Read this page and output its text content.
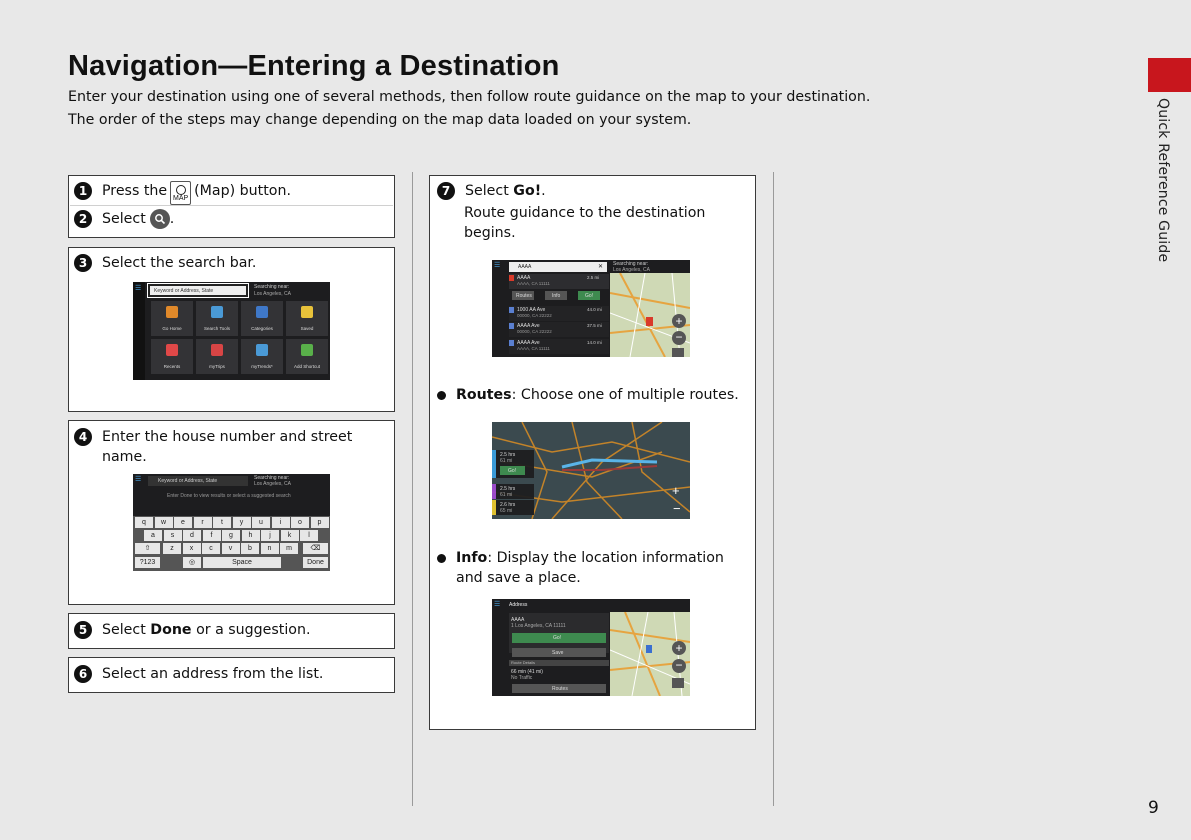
Navigation—Entering a Destination
Enter your destination using one of several methods, then follow route guidance on the map to your destination.
The order of the steps may change depending on the map data loaded on your system.	Quick Reference Guide
1	Press the MAP (Map) button.
2	Select .
3	Select the search bar.
☰	Keyword or Address, State
Searching near:
Los Angeles, CA
Go Home	Search Tools	Categories	Saved
Recents	myTrips	myTrends*	Add Shortcut
4	Enter the house number and street name.
☰	Keyword or Address, State	Searching near:
Los Angeles, CA
Enter Done to view results or select a suggested search
q	w	e	r	t	y	u	i	o	p
a	s	d	f	g	h	j	k	l
⇧	z	x	c	v	b	n	m	⌫
?123	◎	Space	Done
5	Select
Done
or a suggestion.
6	Select an address from the list.
7	Select
Go! .
Route guidance to the destination begins.
☰	AAAA	✕ Searching near:
Los Angeles, CA
+
−
AAAA
AAAA, CA 11111
2.5 mi
1000 AA Ave
00000, CA 22222
44.0 mi
AAAA Ave
00000, CA 22222
37.5 mi
AAAA Ave
AAAA, CA 11111
14.0 mi
Routes	Info	Go!
Routes: Choose one of multiple routes.
2.5 hrs
61 mi
2.5 hrs
61 mi
2.6 hrs
65 mi
Go!
+
−
Info: Display the location information and save a place.
☰ Address
AAAA
1 Los Angeles, CA 11111
Go!
Save
Route Details
66 min (41 mi)
No Traffic
Routes
+
−
9
